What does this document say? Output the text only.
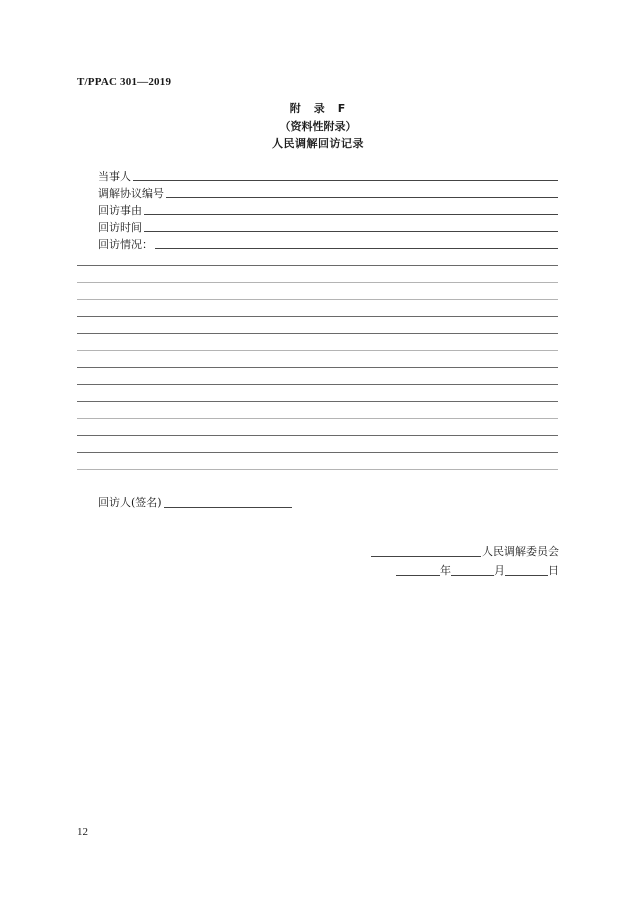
T/PPAC 301—2019
附　录　F
（资料性附录）
人民调解回访记录
当事人
调解协议编号
回访事由
回访时间
回访情况：
回访人(签名)
人民调解委员会
年	月	日
12
